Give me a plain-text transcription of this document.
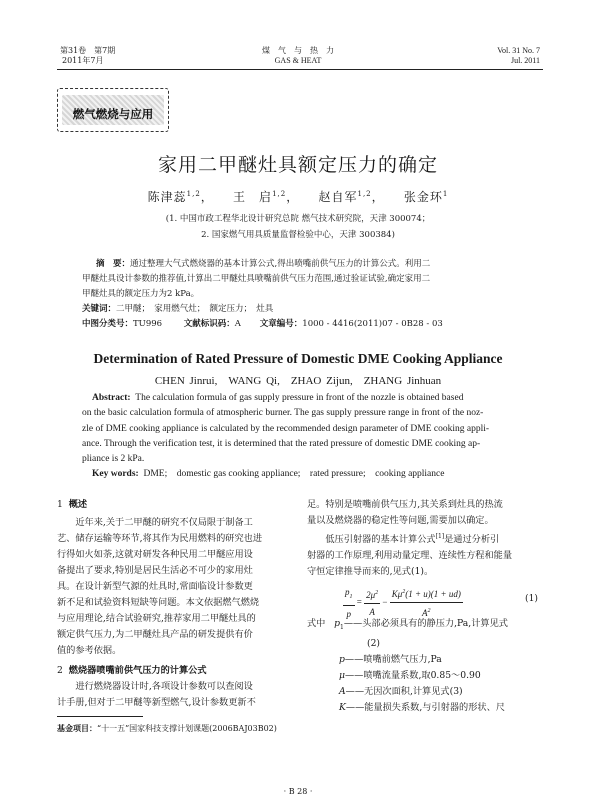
第31卷　第7期
2011年7月
煤　气　与　热　力
GAS & HEAT
Vol. 31 No. 7
Jul. 2011
燃气燃烧与应用
家用二甲醚灶具额定压力的确定
陈津蕊$^{1,2}$，    王　启$^{1,2}$，    赵自军$^{1,2}$，    张金环$^1$
(1. 中国市政工程华北设计研究总院 燃气技术研究院，天津 300074；
2. 国家燃气用具质量监督检验中心，天津 300384)
摘　要：通过整理大气式燃烧器的基本计算公式,得出喷嘴前供气压力的计算公式。利用二
甲醚灶具设计参数的推荐值,计算出二甲醚灶具喷嘴前供气压力范围,通过验证试验,确定家用二
甲醚灶具的额定压力为2 kPa。
关键词：二甲醚；　家用燃气灶；　额定压力；　灶具
中图分类号：TU996	文献标识码：A 文章编号：1000 - 4416(2011)07 - 0B28 - 03
Determination of Rated Pressure of Domestic DME Cooking Appliance
CHEN Jinrui,　WANG Qi,　ZHAO Zijun,　ZHANG Jinhuan
Abstract: The calculation formula of gas supply pressure in front of the nozzle is obtained based
on the basic calculation formula of atmospheric burner. The gas supply pressure range in front of the noz-
zle of DME cooking appliance is calculated by the recommended design parameter of DME cooking appli-
ance. Through the verification test, it is determined that the rated pressure of domestic DME cooking ap-
pliance is 2 kPa.
Key words: DME;　domestic gas cooking appliance;　rated pressure;　cooking appliance
1 概述
　　近年来,关于二甲醚的研究不仅局限于制备工
艺、储存运输等环节,将其作为民用燃料的研究也进
行得如火如荼,这就对研发各种民用二甲醚应用设
备提出了要求,特别是居民生活必不可少的家用灶
具。在设计新型气源的灶具时,常面临设计参数更
新不足和试验资料短缺等问题。本文依据燃气燃烧
与应用理论,结合试验研究,推荐家用二甲醚灶具的
额定供气压力,为二甲醚灶具产品的研发提供有价
值的参考依据。
2 燃烧器喷嘴前供气压力的计算公式
　　进行燃烧器设计时,各项设计参数可以查阅设
计手册,但对于二甲醚等新型燃气,设计参数更新不
足。特别是喷嘴前供气压力,其关系到灶具的热流
量以及燃烧器的稳定性等问题,需要加以确定。
　　低压引射器的基本计算公式[1]是通过分析引
射器的工作原理,利用动量定理、连续性方程和能量
守恒定律推导而来的,见式(1)。
$\frac{p_1}{p} = \frac{2\mu^2}{A} - \frac{K\mu^2(1 + u)(1 + ud)}{A^2}$	(1)
式中 $p_1——$头部必须具有的静压力,Pa,计算见式
(2)
p——喷嘴前燃气压力,Pa
μ——喷嘴流量系数,取0.85～0.90
A——无因次面积,计算见式(3)
K——能量损失系数,与引射器的形状、尺
基金项目：“十一五”国家科技支撑计划课题(2006BAJ03B02)
· B 28 ·
